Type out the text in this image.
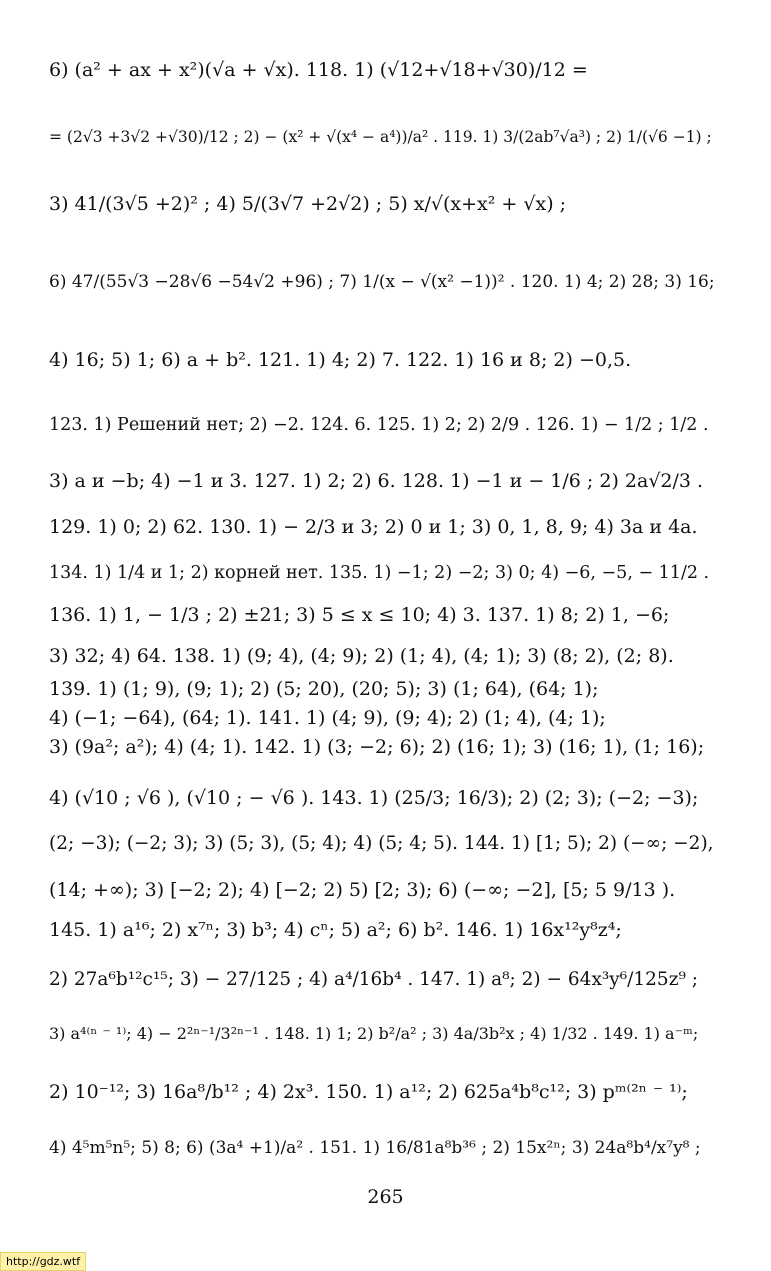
6) (a² + ax + x²)(√a + √x). 118. 1) (√12+√18+√30)/12 =
= (2√3 +3√2 +√30)/12 ; 2) − (x² + √(x⁴ − a⁴))/a² . 119. 1) 3/(2ab⁷√a³) ; 2) 1/(√6 −1) ;
3) 41/(3√5 +2)² ; 4) 5/(3√7 +2√2) ; 5) x/√(x+x² + √x) ;
6) 47/(55√3 −28√6 −54√2 +96) ; 7) 1/(x − √(x² −1))² . 120. 1) 4; 2) 28; 3) 16;
4) 16; 5) 1; 6) a + b². 121. 1) 4; 2) 7. 122. 1) 16 и 8; 2) −0,5.
123. 1) Решений нет; 2) −2. 124. 6. 125. 1) 2; 2) 2/9 . 126. 1) − 1/2 ; 1/2 .
3) a и −b; 4) −1 и 3. 127. 1) 2; 2) 6. 128. 1) −1 и − 1/6 ; 2) 2a√2/3 .
129. 1) 0; 2) 62. 130. 1) − 2/3 и 3; 2) 0 и 1; 3) 0, 1, 8, 9; 4) 3a и 4a.
134. 1) 1/4 и 1; 2) корней нет. 135. 1) −1; 2) −2; 3) 0; 4) −6, −5, − 11/2 .
136. 1) 1, − 1/3 ; 2) ±21; 3) 5 ≤ x ≤ 10; 4) 3. 137. 1) 8; 2) 1, −6;
3) 32; 4) 64. 138. 1) (9; 4), (4; 9); 2) (1; 4), (4; 1); 3) (8; 2), (2; 8).
139. 1) (1; 9), (9; 1); 2) (5; 20), (20; 5); 3) (1; 64), (64; 1);
4) (−1; −64), (64; 1). 141. 1) (4; 9), (9; 4); 2) (1; 4), (4; 1);
3) (9a²; a²); 4) (4; 1). 142. 1) (3; −2; 6); 2) (16; 1); 3) (16; 1), (1; 16);
4) (√10 ; √6 ), (√10 ; − √6 ). 143. 1) (25/3; 16/3); 2) (2; 3); (−2; −3);
(2; −3); (−2; 3); 3) (5; 3), (5; 4); 4) (5; 4; 5). 144. 1) [1; 5); 2) (−∞; −2),
(14; +∞); 3) [−2; 2); 4) [−2; 2) 5) [2; 3); 6) (−∞; −2], [5; 5 9/13 ).
145. 1) a¹⁶; 2) x⁷ⁿ; 3) b³; 4) cⁿ; 5) a²; 6) b². 146. 1) 16x¹²y⁸z⁴;
2) 27a⁶b¹²c¹⁵; 3) − 27/125 ; 4) a⁴/16b⁴ . 147. 1) a⁸; 2) − 64x³y⁶/125z⁹ ;
3) a⁴⁽ⁿ ⁻ ¹⁾; 4) − 2²ⁿ⁻¹/3²ⁿ⁻¹ . 148. 1) 1; 2) b²/a² ; 3) 4a/3b²x ; 4) 1/32 . 149. 1) a⁻ᵐ;
2) 10⁻¹²; 3) 16a⁸/b¹² ; 4) 2x³. 150. 1) a¹²; 2) 625a⁴b⁸c¹²; 3) pᵐ⁽²ⁿ ⁻ ¹⁾;
4) 4⁵m⁵n⁵; 5) 8; 6) (3a⁴ +1)/a² . 151. 1) 16/81a⁸b³⁶ ; 2) 15x²ⁿ; 3) 24a⁸b⁴/x⁷y⁸ ;
265
http://gdz.wtf
